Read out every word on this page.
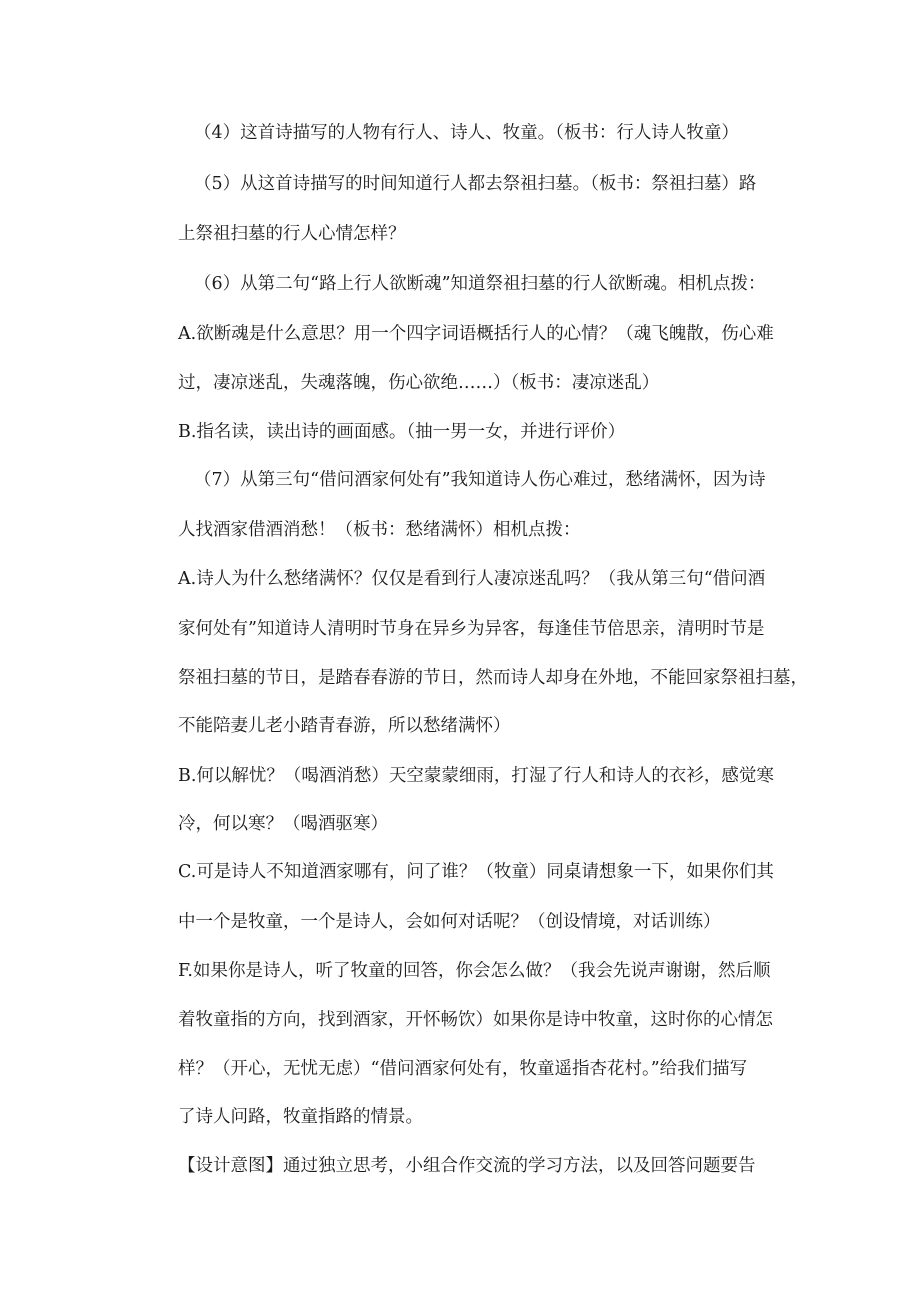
（4）这首诗描写的人物有行人、诗人、牧童。（板书：行人诗人牧童）
（5）从这首诗描写的时间知道行人都去祭祖扫墓。（板书：祭祖扫墓）路
上祭祖扫墓的行人心情怎样？
（6）从第二句“路上行人欲断魂”知道祭祖扫墓的行人欲断魂。相机点拨：
A.欲断魂是什么意思？用一个四字词语概括行人的心情？（魂飞魄散，伤心难
过，凄凉迷乱，失魂落魄，伤心欲绝……）（板书：凄凉迷乱）
B.指名读，读出诗的画面感。（抽一男一女，并进行评价）
（7）从第三句“借问酒家何处有”我知道诗人伤心难过，愁绪满怀，因为诗
人找酒家借酒消愁！（板书：愁绪满怀）相机点拨：
A.诗人为什么愁绪满怀？仅仅是看到行人凄凉迷乱吗？（我从第三句“借问酒
家何处有”知道诗人清明时节身在异乡为异客，每逢佳节倍思亲，清明时节是
祭祖扫墓的节日，是踏春春游的节日，然而诗人却身在外地，不能回家祭祖扫墓，
不能陪妻儿老小踏青春游，所以愁绪满怀）
B.何以解忧？（喝酒消愁）天空蒙蒙细雨，打湿了行人和诗人的衣衫，感觉寒
冷，何以寒？（喝酒驱寒）
C.可是诗人不知道酒家哪有，问了谁？（牧童）同桌请想象一下，如果你们其
中一个是牧童，一个是诗人，会如何对话呢？（创设情境，对话训练）
F.如果你是诗人，听了牧童的回答，你会怎么做？（我会先说声谢谢，然后顺
着牧童指的方向，找到酒家，开怀畅饮）如果你是诗中牧童，这时你的心情怎
样？（开心，无忧无虑）“借问酒家何处有，牧童遥指杏花村。”给我们描写
了诗人问路，牧童指路的情景。
【设计意图】通过独立思考，小组合作交流的学习方法，以及回答问题要告
